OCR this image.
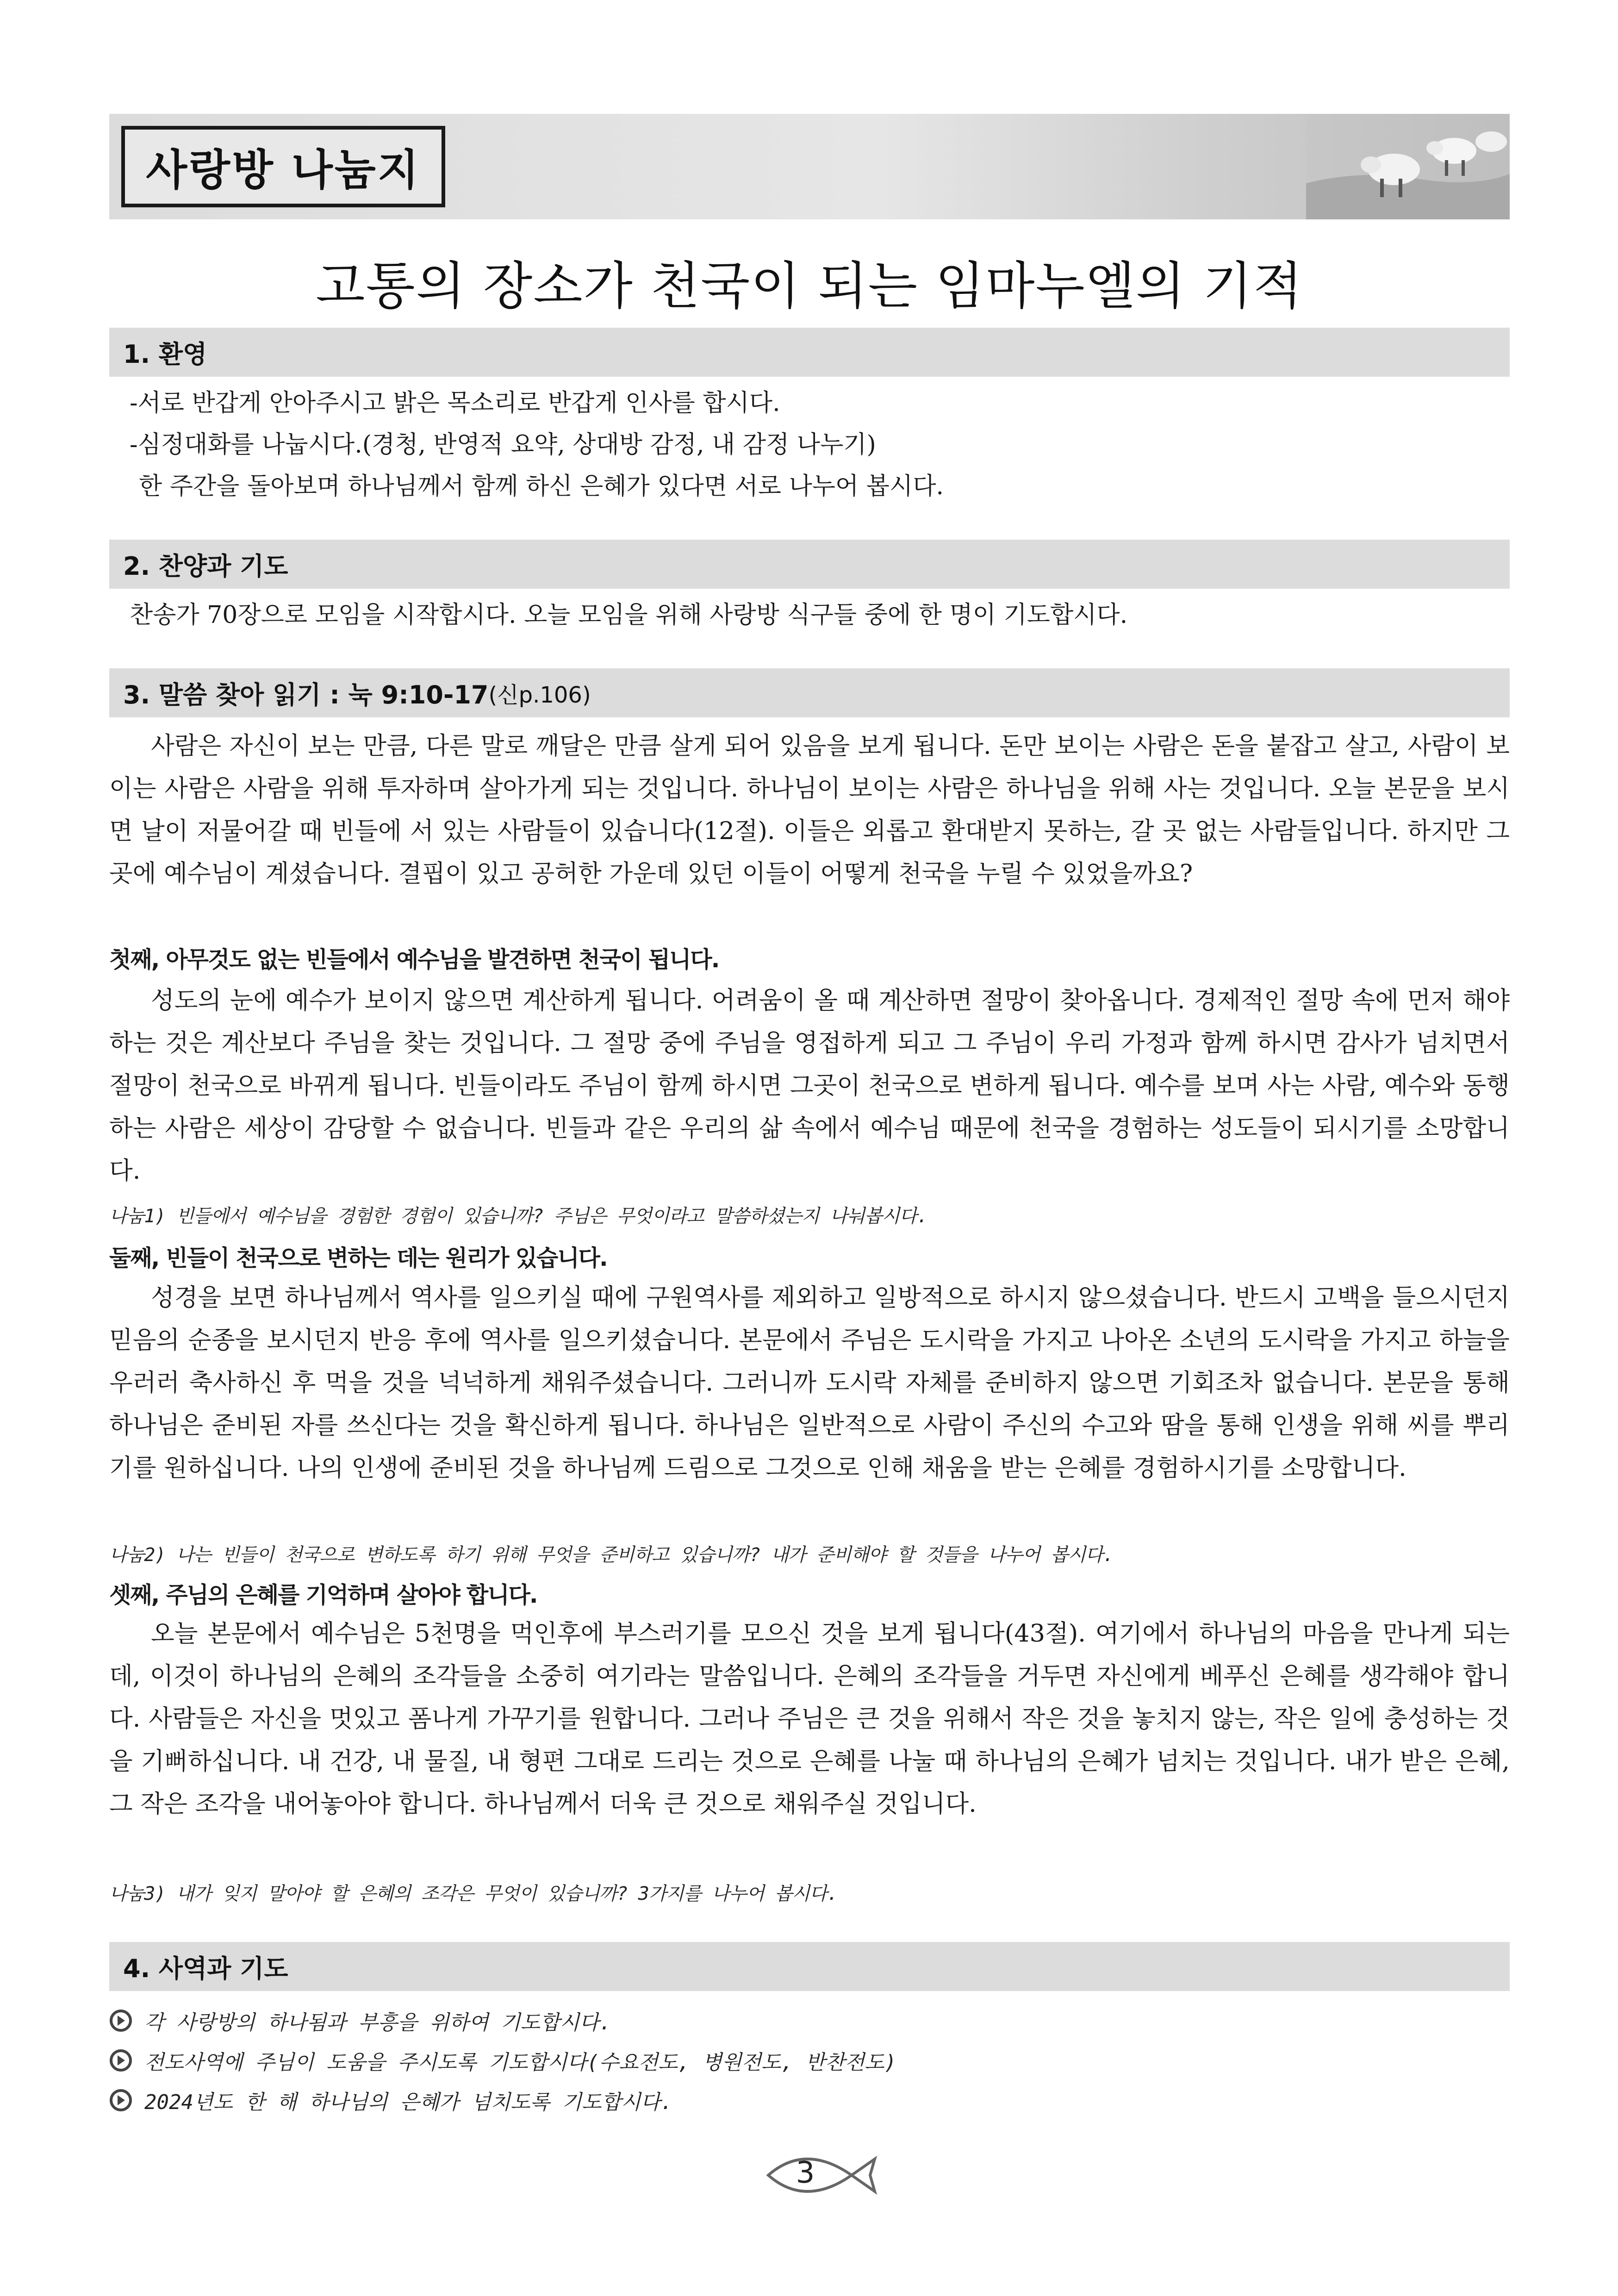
사랑방 나눔지
고통의 장소가 천국이 되는 임마누엘의 기적
1. 환영
-서로 반갑게 안아주시고 밝은 목소리로 반갑게 인사를 합시다.
-심정대화를 나눕시다.(경청, 반영적 요약, 상대방 감정, 내 감정 나누기)
한 주간을 돌아보며 하나님께서 함께 하신 은혜가 있다면 서로 나누어 봅시다.
2. 찬양과 기도
찬송가 70장으로 모임을 시작합시다. 오늘 모임을 위해 사랑방 식구들 중에 한 명이 기도합시다.
3. 말씀 찾아 읽기 : 눅 9:10-17 (신p.106)

사람은 자신이 보는 만큼, 다른 말로 깨달은 만큼 살게 되어 있음을 보게 됩니다. 돈만 보이는 사람은 돈을 붙잡고 살고, 사람이 보이는 사람은 사람을 위해 투자하며 살아가게 되는 것입니다. 하나님이 보이는 사람은 하나님을 위해 사는 것입니다. 오늘 본문을 보시면 날이 저물어갈 때 빈들에 서 있는 사람들이 있습니다(12절). 이들은 외롭고 환대받지 못하는, 갈 곳 없는 사람들입니다. 하지만 그곳에 예수님이 계셨습니다. 결핍이 있고 공허한 가운데 있던 이들이 어떻게 천국을 누릴 수 있었을까요?

첫째, 아무것도 없는 빈들에서 예수님을 발견하면 천국이 됩니다.

성도의 눈에 예수가 보이지 않으면 계산하게 됩니다. 어려움이 올 때 계산하면 절망이 찾아옵니다. 경제적인 절망 속에 먼저 해야 하는 것은 계산보다 주님을 찾는 것입니다. 그 절망 중에 주님을 영접하게 되고 그 주님이 우리 가정과 함께 하시면 감사가 넘치면서 절망이 천국으로 바뀌게 됩니다. 빈들이라도 주님이 함께 하시면 그곳이 천국으로 변하게 됩니다. 예수를 보며 사는 사람, 예수와 동행하는 사람은 세상이 감당할 수 없습니다. 빈들과 같은 우리의 삶 속에서 예수님 때문에 천국을 경험하는 성도들이 되시기를 소망합니다.

나눔1) 빈들에서 예수님을 경험한 경험이 있습니까? 주님은 무엇이라고 말씀하셨는지 나눠봅시다.

둘째, 빈들이 천국으로 변하는 데는 원리가 있습니다.

성경을 보면 하나님께서 역사를 일으키실 때에 구원역사를 제외하고 일방적으로 하시지 않으셨습니다. 반드시 고백을 들으시던지 믿음의 순종을 보시던지 반응 후에 역사를 일으키셨습니다. 본문에서 주님은 도시락을 가지고 나아온 소년의 도시락을 가지고 하늘을 우러러 축사하신 후 먹을 것을 넉넉하게 채워주셨습니다. 그러니까 도시락 자체를 준비하지 않으면 기회조차 없습니다. 본문을 통해 하나님은 준비된 자를 쓰신다는 것을 확신하게 됩니다. 하나님은 일반적으로 사람이 주신의 수고와 땀을 통해 인생을 위해 씨를 뿌리기를 원하십니다. 나의 인생에 준비된 것을 하나님께 드림으로 그것으로 인해 채움을 받는 은혜를 경험하시기를 소망합니다.

나눔2) 나는 빈들이 천국으로 변하도록 하기 위해 무엇을 준비하고 있습니까? 내가 준비해야 할 것들을 나누어 봅시다.

셋째, 주님의 은혜를 기억하며 살아야 합니다.

오늘 본문에서 예수님은 5천명을 먹인후에 부스러기를 모으신 것을 보게 됩니다(43절). 여기에서 하나님의 마음을 만나게 되는데, 이것이 하나님의 은혜의 조각들을 소중히 여기라는 말씀입니다. 은혜의 조각들을 거두면 자신에게 베푸신 은혜를 생각해야 합니다. 사람들은 자신을 멋있고 폼나게 가꾸기를 원합니다. 그러나 주님은 큰 것을 위해서 작은 것을 놓치지 않는, 작은 일에 충성하는 것을 기뻐하십니다. 내 건강, 내 물질, 내 형편 그대로 드리는 것으로 은혜를 나눌 때 하나님의 은혜가 넘치는 것입니다. 내가 받은 은혜, 그 작은 조각을 내어놓아야 합니다. 하나님께서 더욱 큰 것으로 채워주실 것입니다.

나눔3) 내가 잊지 말아야 할 은혜의 조각은 무엇이 있습니까? 3가지를 나누어 봅시다.

4. 사역과 기도
각 사랑방의 하나됨과 부흥을 위하여 기도합시다.
전도사역에 주님이 도움을 주시도록 기도합시다(수요전도, 병원전도, 반찬전도)
2024년도 한 해 하나님의 은혜가 넘치도록 기도합시다.
3
